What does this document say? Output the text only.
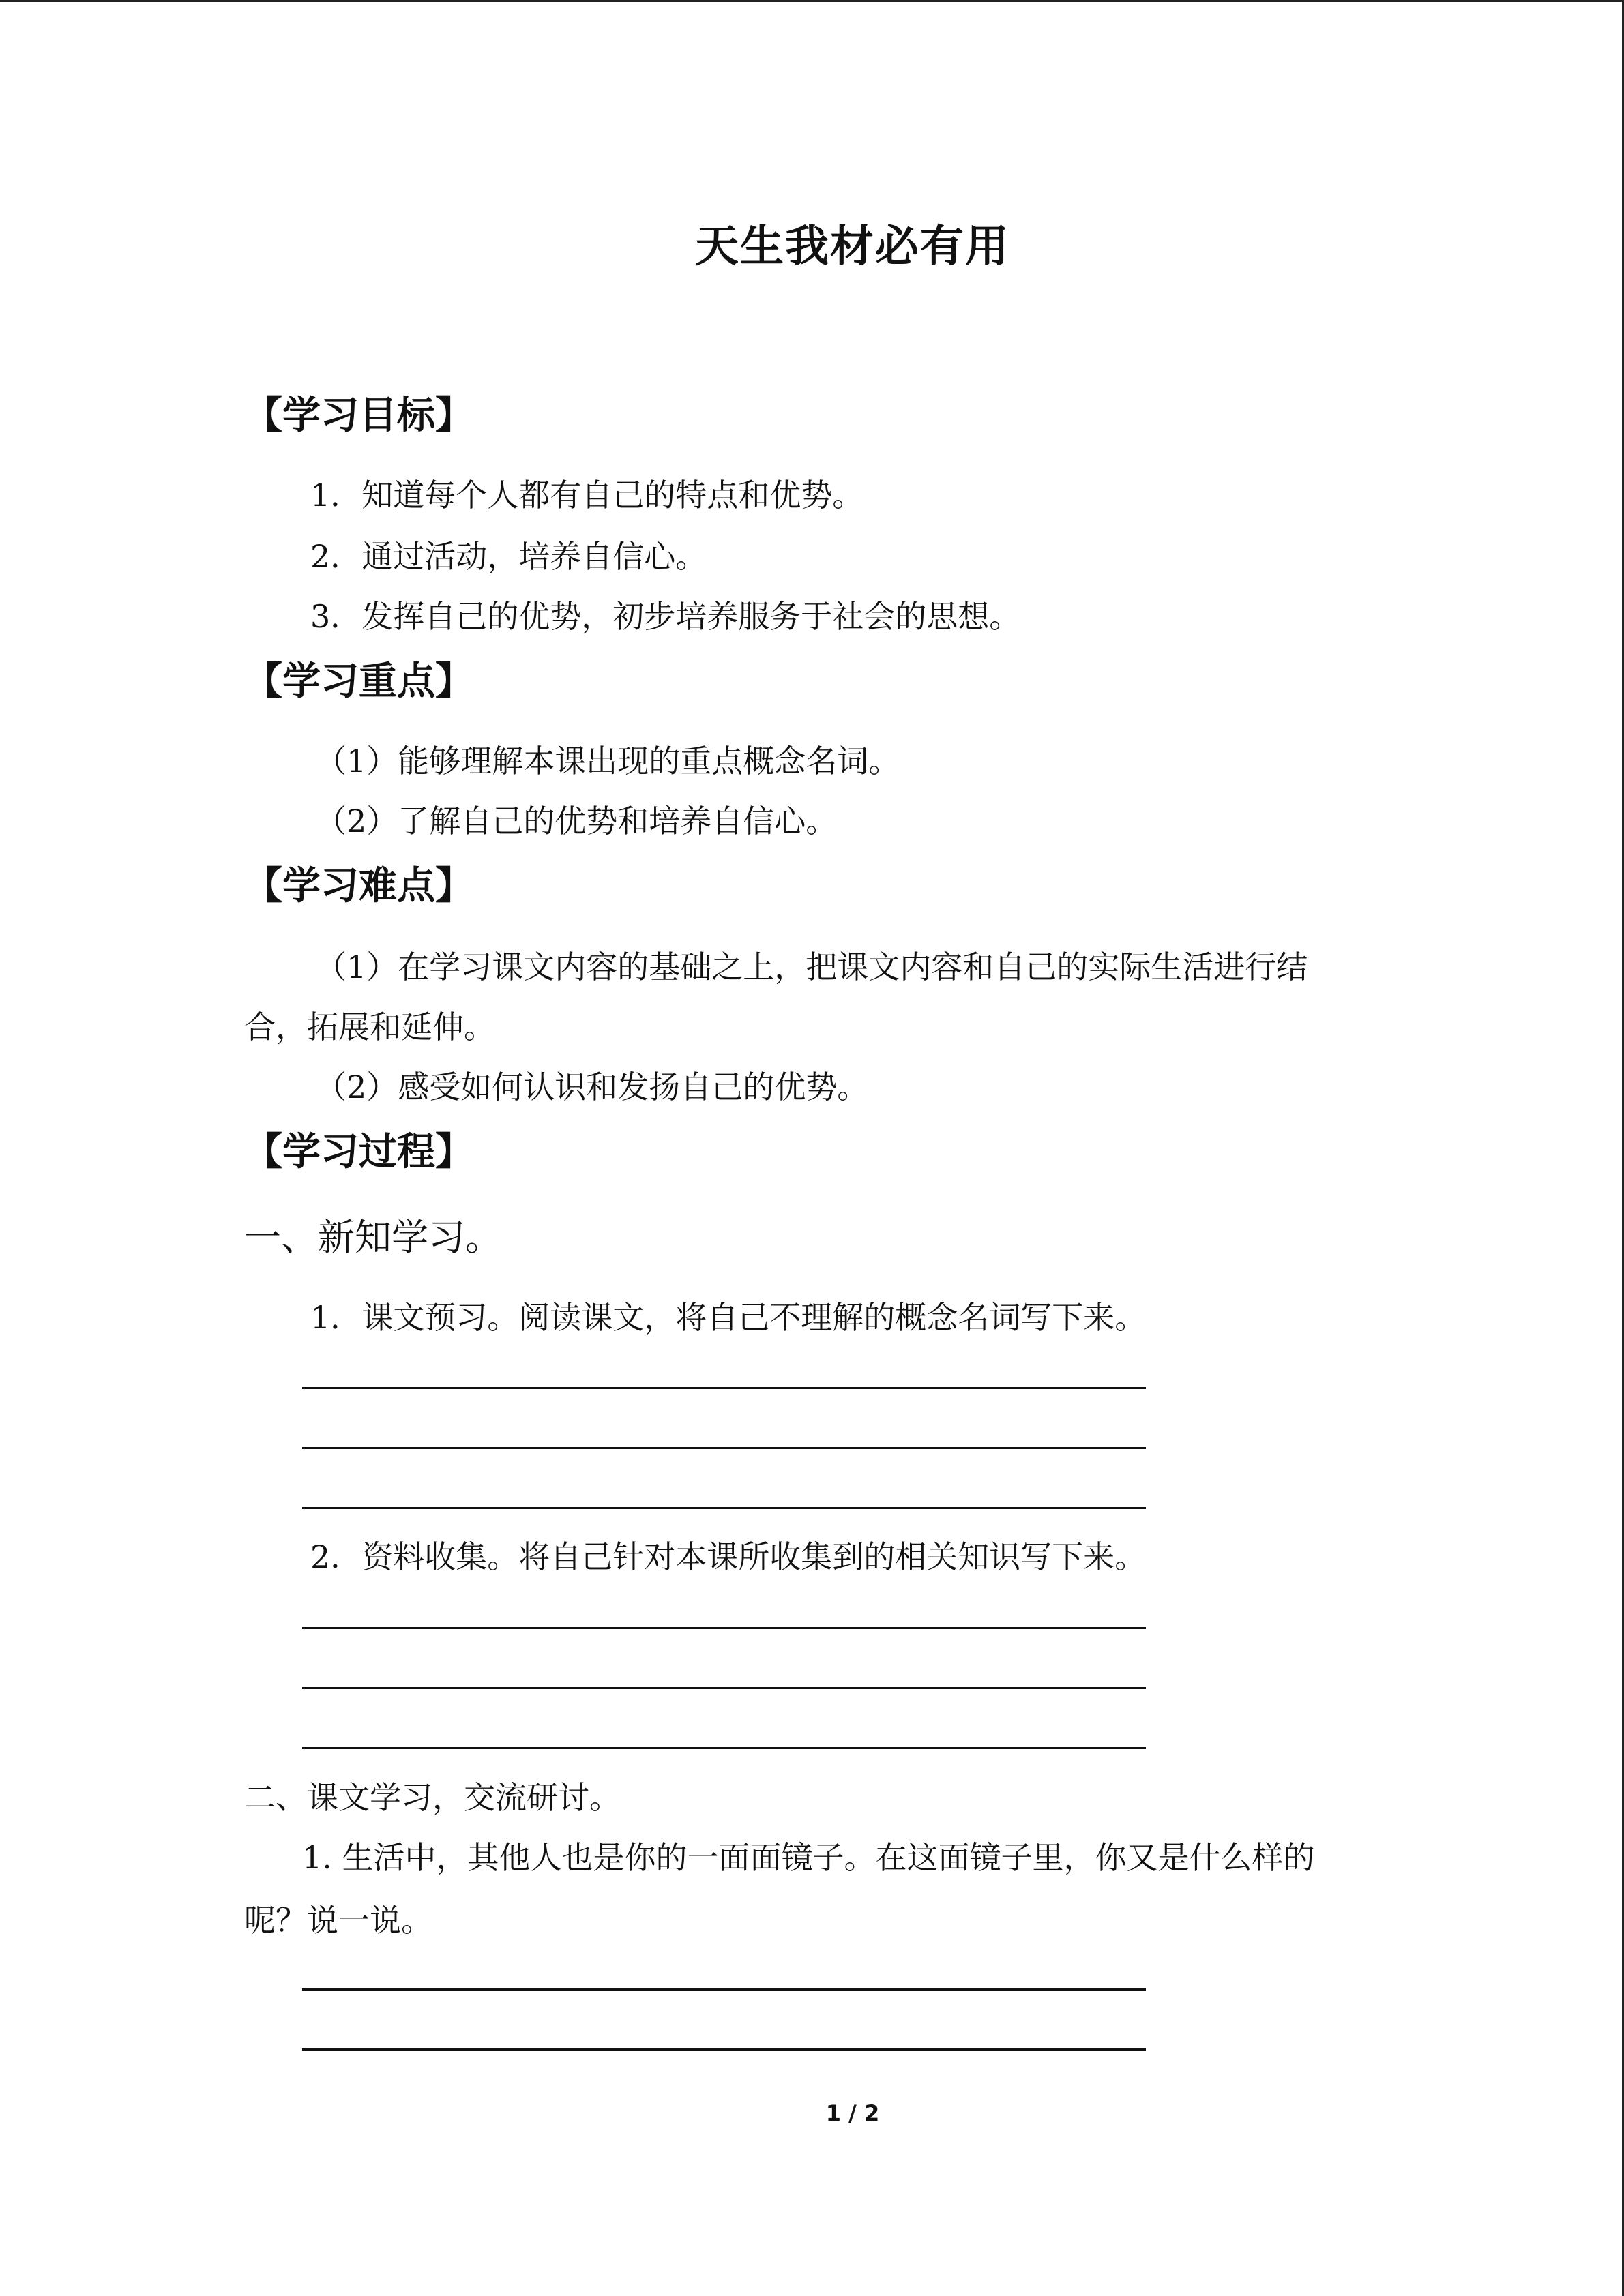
天生我材必有用
【学习目标】
1．知道每个人都有自己的特点和优势。
2．通过活动，培养自信心。
3．发挥自己的优势，初步培养服务于社会的思想。
【学习重点】
（1）能够理解本课出现的重点概念名词。
（2）了解自己的优势和培养自信心。
【学习难点】
（1）在学习课文内容的基础之上，把课文内容和自己的实际生活进行结
合，拓展和延伸。
（2）感受如何认识和发扬自己的优势。
【学习过程】
一、新知学习。
1．课文预习。阅读课文，将自己不理解的概念名词写下来。
2．资料收集。将自己针对本课所收集到的相关知识写下来。
二、课文学习，交流研讨。
1. 生活中，其他人也是你的一面面镜子。在这面镜子里，你又是什么样的
呢？说一说。
1 / 2
